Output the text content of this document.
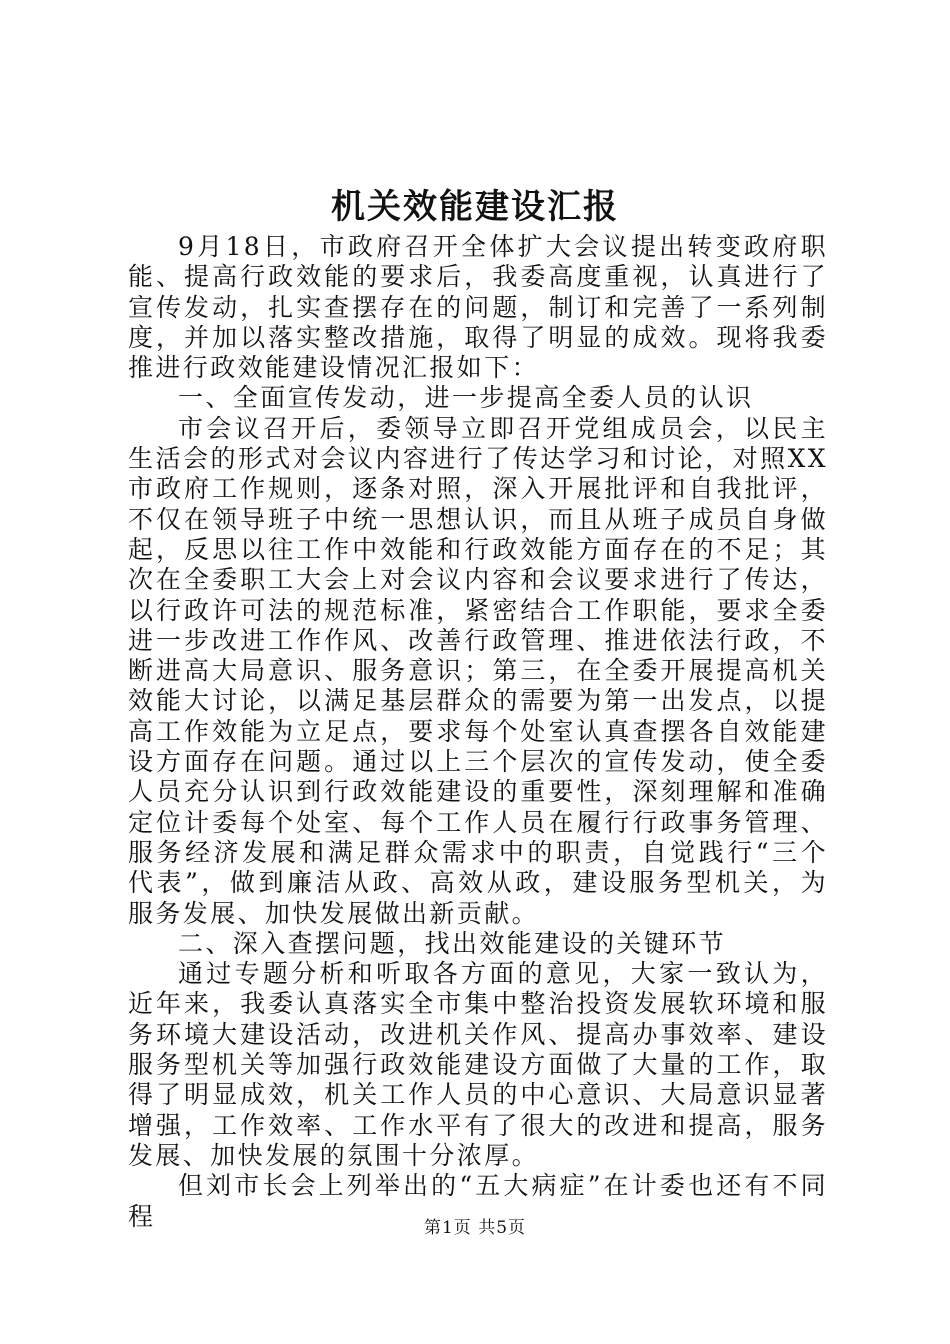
机关效能建设汇报

9月18日，市政府召开全体扩大会议提出转变政府职能、提高行政效能的要求后，我委高度重视，认真进行了宣传发动，扎实查摆存在的问题，制订和完善了一系列制度，并加以落实整改措施，取得了明显的成效。现将我委推进行政效能建设情况汇报如下：

一、全面宣传发动，进一步提高全委人员的认识

市会议召开后，委领导立即召开党组成员会，以民主生活会的形式对会议内容进行了传达学习和讨论，对照XX市政府工作规则，逐条对照，深入开展批评和自我批评，不仅在领导班子中统一思想认识，而且从班子成员自身做起，反思以往工作中效能和行政效能方面存在的不足；其次在全委职工大会上对会议内容和会议要求进行了传达，以行政许可法的规范标准，紧密结合工作职能，要求全委进一步改进工作作风、改善行政管理、推进依法行政，不断进高大局意识、服务意识；第三，在全委开展提高机关效能大讨论，以满足基层群众的需要为第一出发点，以提高工作效能为立足点，要求每个处室认真查摆各自效能建设方面存在问题。通过以上三个层次的宣传发动，使全委人员充分认识到行政效能建设的重要性，深刻理解和准确定位计委每个处室、每个工作人员在履行行政事务管理、服务经济发展和满足群众需求中的职责，自觉践行“三个代表”，做到廉洁从政、高效从政，建设服务型机关，为服务发展、加快发展做出新贡献。

二、深入查摆问题，找出效能建设的关键环节

通过专题分析和听取各方面的意见，大家一致认为，近年来，我委认真落实全市集中整治投资发展软环境和服务环境大建设活动，改进机关作风、提高办事效率、建设服务型机关等加强行政效能建设方面做了大量的工作，取得了明显成效，机关工作人员的中心意识、大局意识显著增强，工作效率、工作水平有了很大的改进和提高，服务发展、加快发展的氛围十分浓厚。

但刘市长会上列举出的“五大病症”在计委也还有不同程	第1页 共5页
